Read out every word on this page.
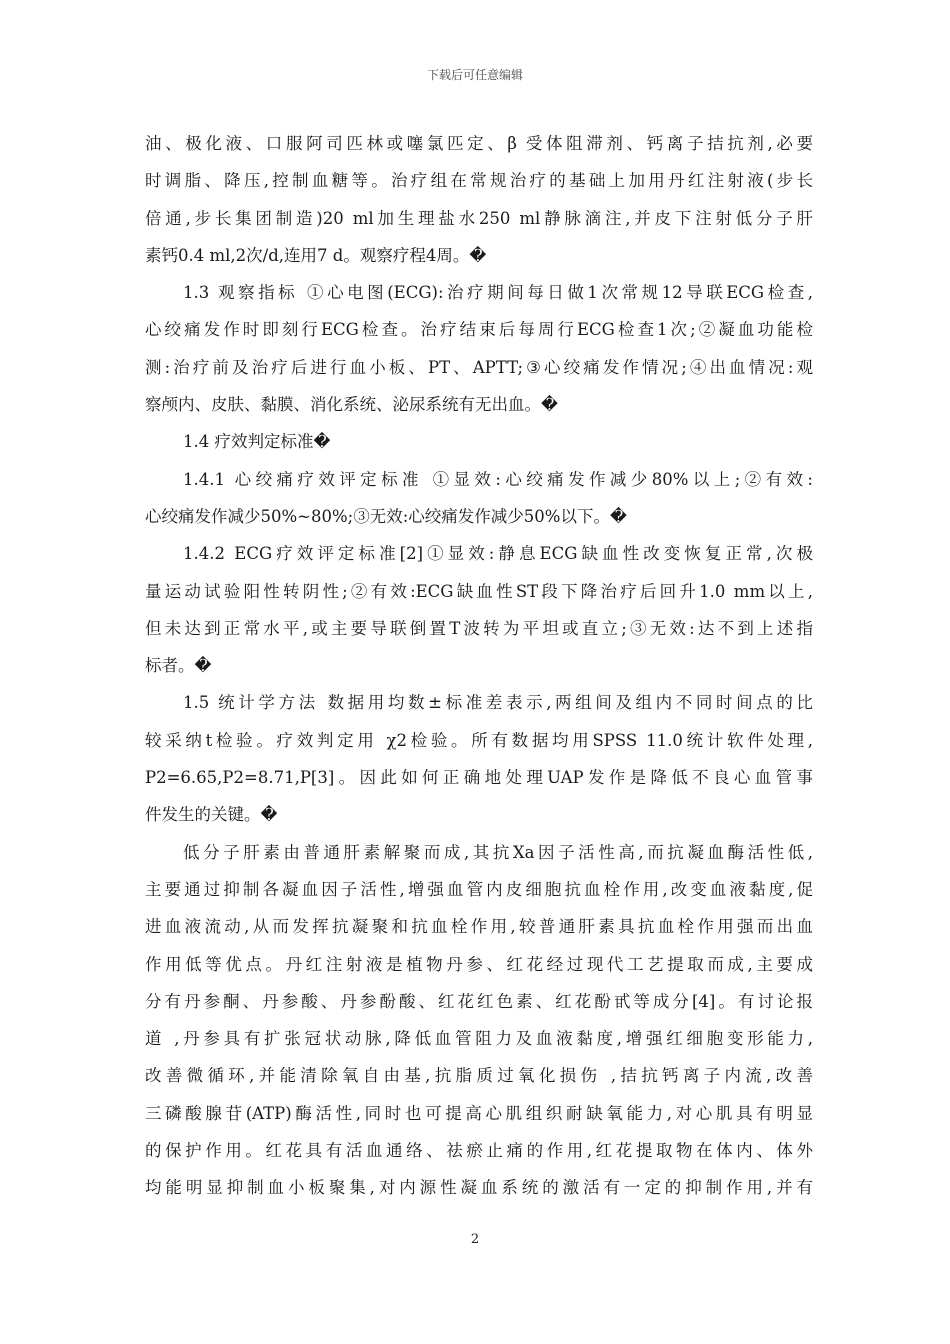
下载后可任意编辑
油、极化液、口服阿司匹林或噻氯匹定、β 受体阻滞剂、钙离子拮抗剂,必要
时调脂、降压,控制血糖等。治疗组在常规治疗的基础上加用丹红注射液(步长
倍通,步长集团制造)20 ml加生理盐水250 ml静脉滴注,并皮下注射低分子肝
素钙0.4 ml,2次/d,连用7 d。观察疗程4周。�
1.3 观察指标 ①心电图(ECG):治疗期间每日做1次常规12导联ECG检查,
心绞痛发作时即刻行ECG检查。治疗结束后每周行ECG检查1次;②凝血功能检
测:治疗前及治疗后进行血小板、PT、APTT;③心绞痛发作情况;④出血情况:观
察颅内、皮肤、黏膜、消化系统、泌尿系统有无出血。�
1.4 疗效判定标准�
1.4.1 心绞痛疗效评定标准 ①显效:心绞痛发作减少80%以上;②有效:
心绞痛发作减少50%~80%;③无效:心绞痛发作减少50%以下。�
1.4.2 ECG疗效评定标准[2]①显效:静息ECG缺血性改变恢复正常,次极
量运动试验阳性转阴性;②有效:ECG缺血性ST段下降治疗后回升1.0 mm以上,
但未达到正常水平,或主要导联倒置T波转为平坦或直立;③无效:达不到上述指
标者。�
1.5 统计学方法 数据用均数±标准差表示,两组间及组内不同时间点的比
较采纳t检验。疗效判定用 χ2检验。所有数据均用SPSS 11.0统计软件处理,
P2=6.65,P2=8.71,P[3]。因此如何正确地处理UAP发作是降低不良心血管事
件发生的关键。�
低分子肝素由普通肝素解聚而成,其抗Xa因子活性高,而抗凝血酶活性低,
主要通过抑制各凝血因子活性,增强血管内皮细胞抗血栓作用,改变血液黏度,促
进血液流动,从而发挥抗凝聚和抗血栓作用,较普通肝素具抗血栓作用强而出血
作用低等优点。丹红注射液是植物丹参、红花经过现代工艺提取而成,主要成
分有丹参酮、丹参酸、丹参酚酸、红花红色素、红花酚甙等成分[4]。有讨论报
道 ,丹参具有扩张冠状动脉,降低血管阻力及血液黏度,增强红细胞变形能力,
改善微循环,并能清除氧自由基,抗脂质过氧化损伤 ,拮抗钙离子内流,改善
三磷酸腺苷(ATP)酶活性,同时也可提高心肌组织耐缺氧能力,对心肌具有明显
的保护作用。红花具有活血通络、祛瘀止痛的作用,红花提取物在体内、体外
均能明显抑制血小板聚集,对内源性凝血系统的激活有一定的抑制作用,并有
2
